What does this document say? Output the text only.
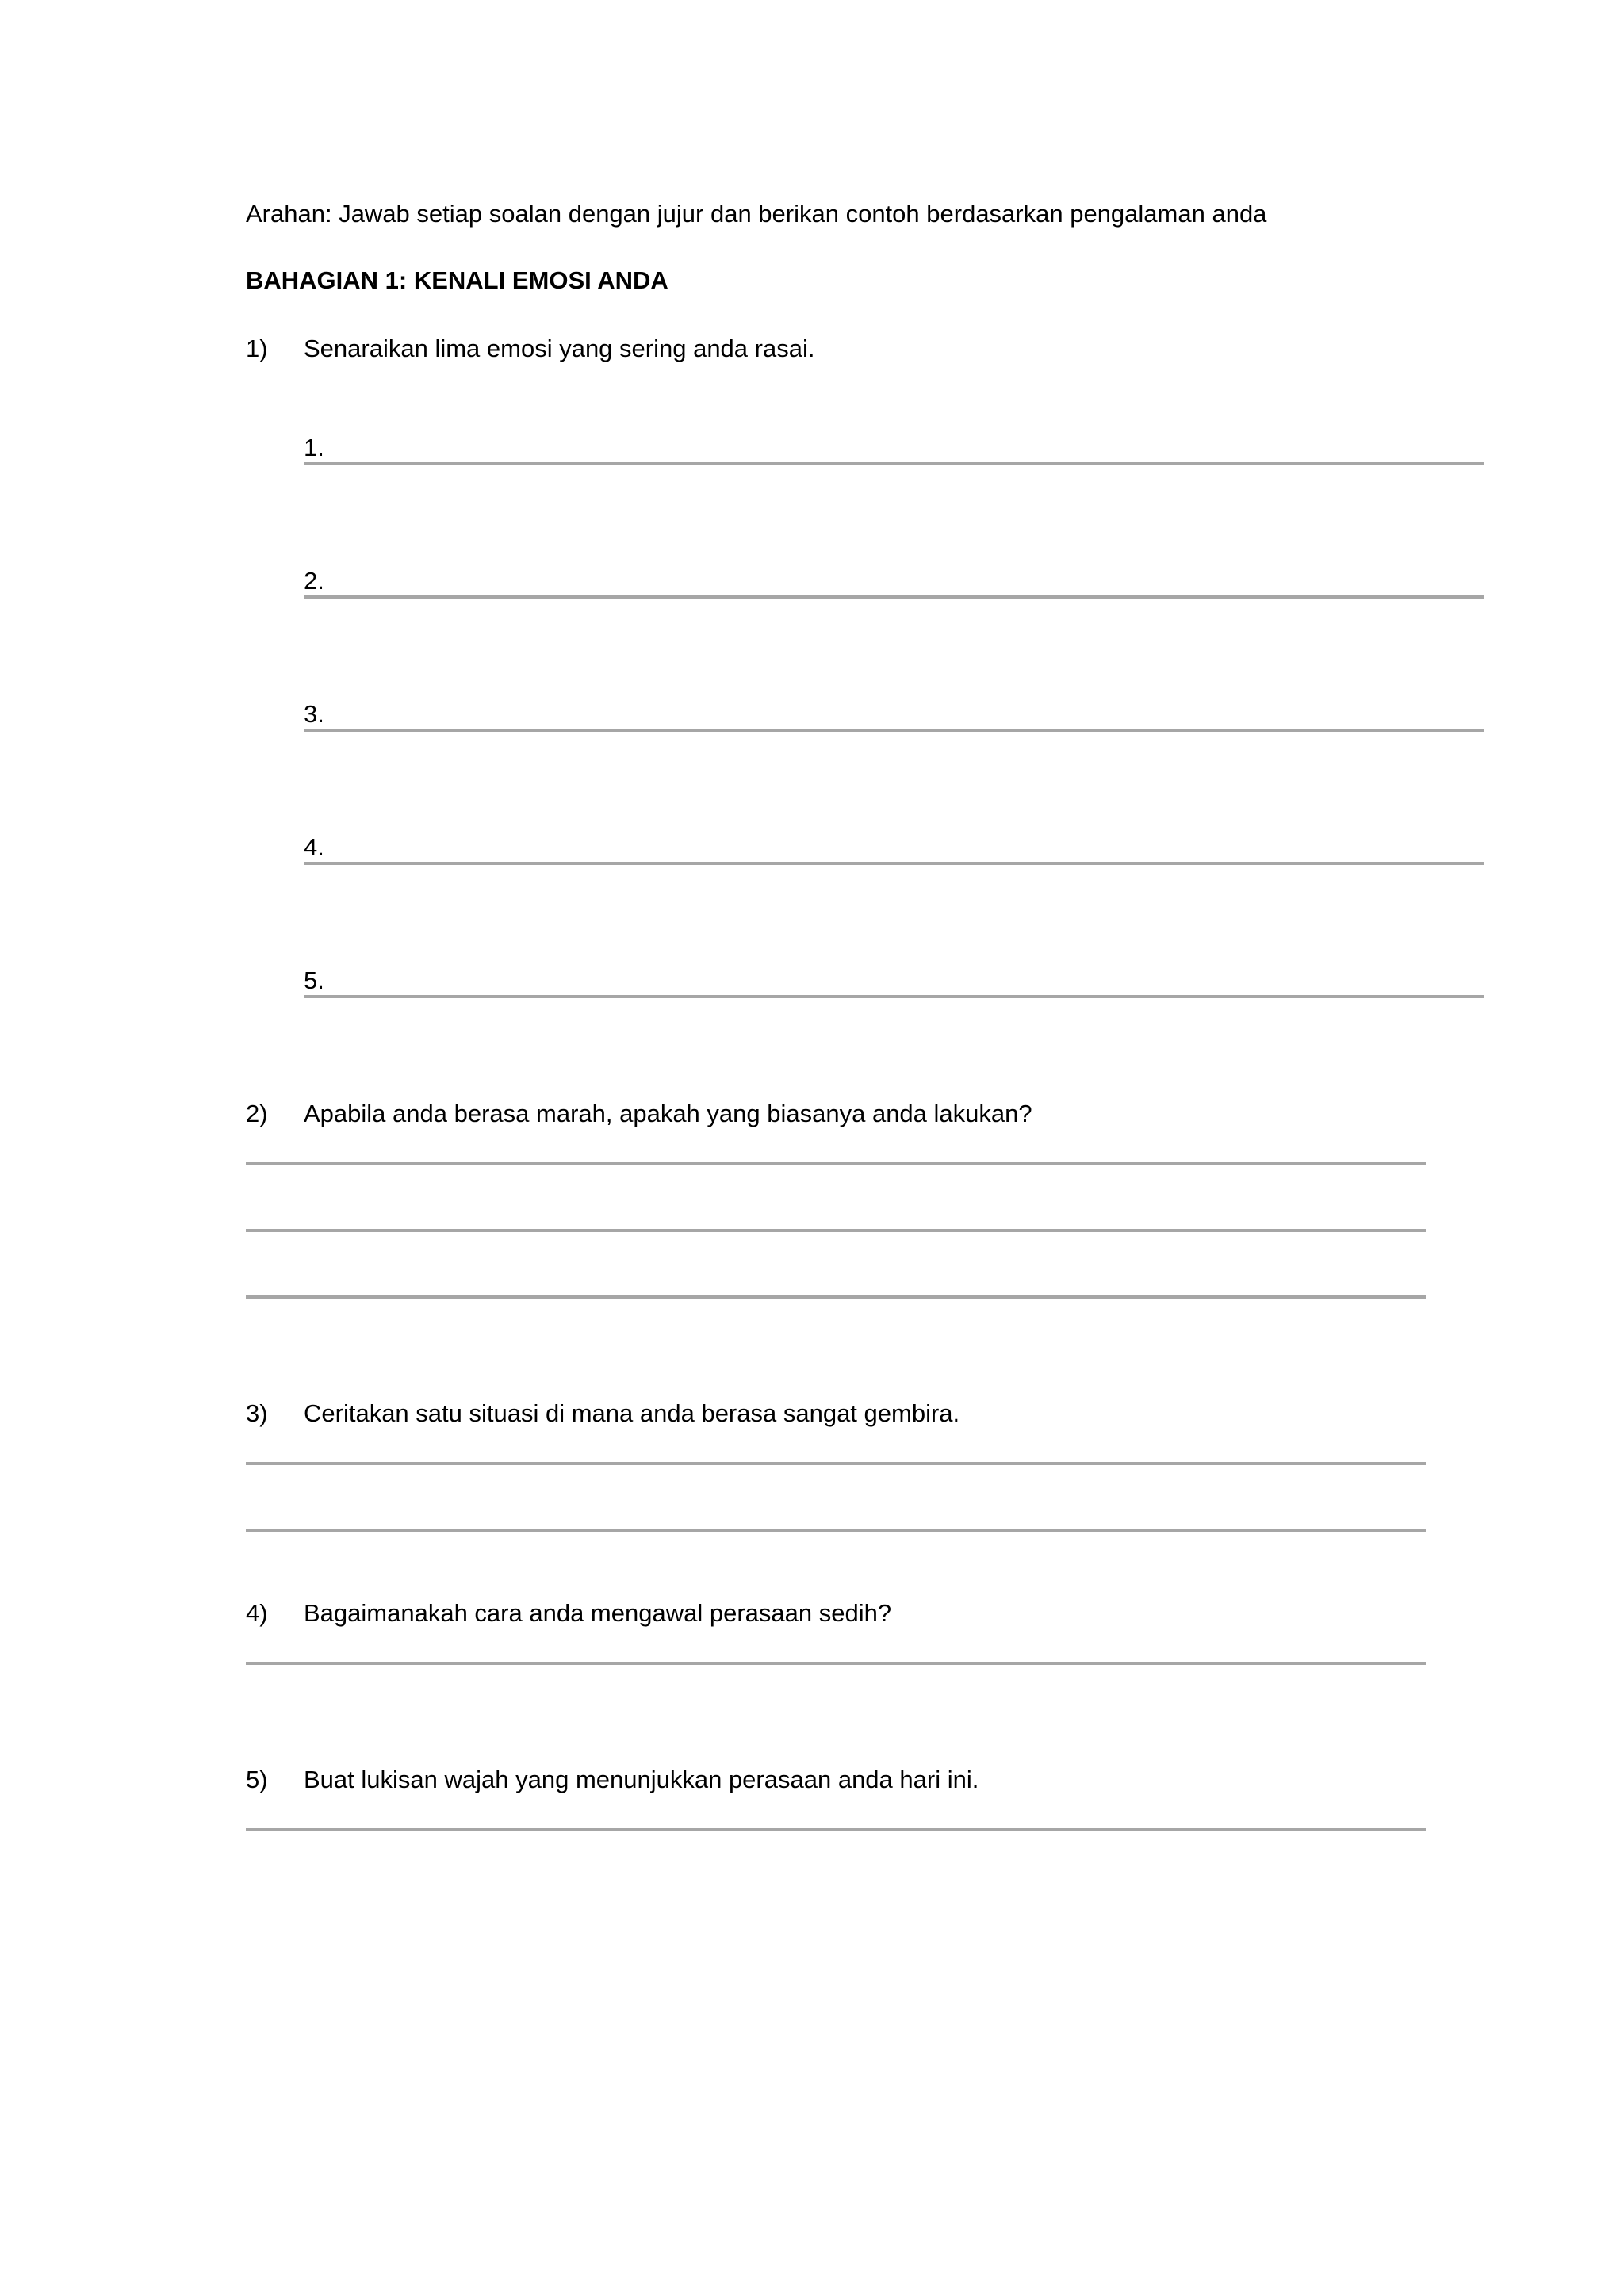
Arahan: Jawab setiap soalan dengan jujur dan berikan contoh berdasarkan pengalaman anda
BAHAGIAN 1: KENALI EMOSI ANDA
1) Senaraikan lima emosi yang sering anda rasai.
1.
2.
3.
4.
5.
2) Apabila anda berasa marah, apakah yang biasanya anda lakukan?
3) Ceritakan satu situasi di mana anda berasa sangat gembira.
4) Bagaimanakah cara anda mengawal perasaan sedih?
5) Buat lukisan wajah yang menunjukkan perasaan anda hari ini.
